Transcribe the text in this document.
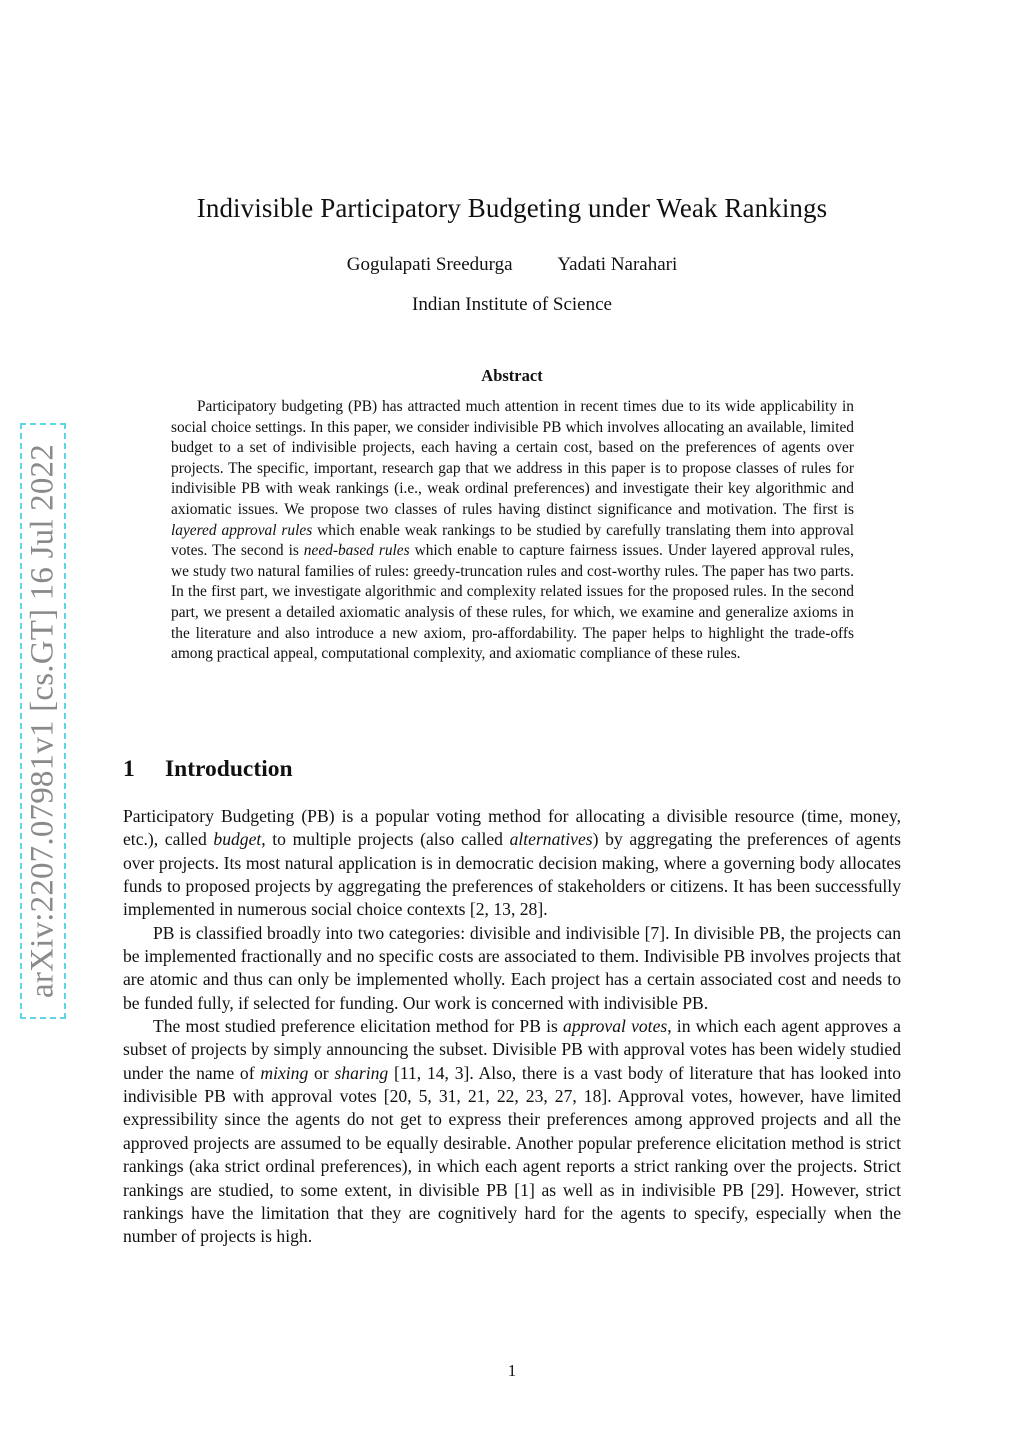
arXiv:2207.07981v1 [cs.GT] 16 Jul 2022
Indivisible Participatory Budgeting under Weak Rankings
Gogulapati Sreedurga Yadati Narahari
Indian Institute of Science
Abstract

Participatory budgeting (PB) has attracted much attention in recent times due to its wide applicability in social choice settings. In this paper, we consider indivisible PB which involves allocating an available, limited budget to a set of indivisible projects, each having a certain cost, based on the preferences of agents over projects. The specific, important, research gap that we address in this paper is to propose classes of rules for indivisible PB with weak rankings (i.e., weak ordinal preferences) and investigate their key algorithmic and axiomatic issues. We propose two classes of rules having distinct significance and motivation. The first is layered approval rules which enable weak rankings to be studied by carefully translating them into approval votes. The second is need-based rules which enable to capture fairness issues. Under layered approval rules, we study two natural families of rules: greedy-truncation rules and cost-worthy rules. The paper has two parts. In the first part, we investigate algorithmic and complexity related issues for the proposed rules. In the second part, we present a detailed axiomatic analysis of these rules, for which, we examine and generalize axioms in the literature and also introduce a new axiom, pro-affordability. The paper helps to highlight the trade-offs among practical appeal, computational complexity, and axiomatic compliance of these rules.

1 Introduction

Participatory Budgeting (PB) is a popular voting method for allocating a divisible resource (time, money, etc.), called budget, to multiple projects (also called alternatives) by aggregating the preferences of agents over projects. Its most natural application is in democratic decision making, where a governing body allocates funds to proposed projects by aggregating the preferences of stakeholders or citizens. It has been successfully implemented in numerous social choice contexts [2, 13, 28].

PB is classified broadly into two categories: divisible and indivisible [7]. In divisible PB, the projects can be implemented fractionally and no specific costs are associated to them. Indivisible PB involves projects that are atomic and thus can only be implemented wholly. Each project has a certain associated cost and needs to be funded fully, if selected for funding. Our work is concerned with indivisible PB.

The most studied preference elicitation method for PB is approval votes, in which each agent approves a subset of projects by simply announcing the subset. Divisible PB with approval votes has been widely studied under the name of mixing or sharing [11, 14, 3]. Also, there is a vast body of literature that has looked into indivisible PB with approval votes [20, 5, 31, 21, 22, 23, 27, 18]. Approval votes, however, have limited expressibility since the agents do not get to express their preferences among approved projects and all the approved projects are assumed to be equally desirable. Another popular preference elicitation method is strict rankings (aka strict ordinal preferences), in which each agent reports a strict ranking over the projects. Strict rankings are studied, to some extent, in divisible PB [1] as well as in indivisible PB [29]. However, strict rankings have the limitation that they are cognitively hard for the agents to specify, especially when the number of projects is high.

1
